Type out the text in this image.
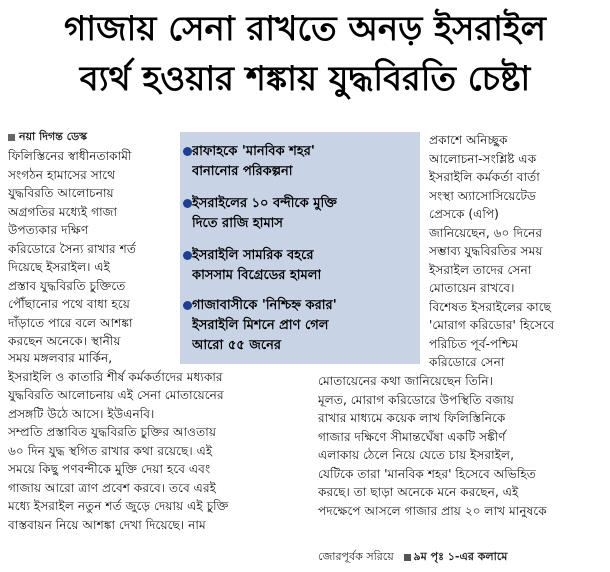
গাজায় সেনা রাখতে অনড় ইসরাইল
ব্যর্থ হওয়ার শঙ্কায় যুদ্ধবিরতি চেষ্টা
নয়া দিগন্ত ডেস্ক
ফিলিস্তিনের স্বাধীনতাকামী
সংগঠন হামাসের সাথে
যুদ্ধবিরতি আলোচনায়
অগ্রগতির মধ্যেই গাজা
উপত্যকার দক্ষিণ
করিডোরে সৈন্য রাখার শর্ত
দিয়েছে ইসরাইল। এই
প্রস্তাব যুদ্ধবিরতি চুক্তিতে
পৌঁছানোর পথে বাধা হয়ে
দাঁড়াতে পারে বলে আশঙ্কা
করছেন অনেকে। স্থানীয়
সময় মঙ্গলবার মার্কিন,
ইসরাইলি ও কাতারি শীর্ষ কর্মকর্তাদের মধ্যকার
যুদ্ধবিরতি আলোচনায় এই সেনা মোতায়েনের
প্রসঙ্গটি উঠে আসে। ইউএনবি।
সম্প্রতি প্রস্তাবিত যুদ্ধবিরতি চুক্তির আওতায়
৬০ দিন যুদ্ধ স্থগিত রাখার কথা রয়েছে। এই
সময়ে কিছু পণবন্দীকে মুক্তি দেয়া হবে এবং
গাজায় আরো ত্রাণ প্রবেশ করবে। তবে এরই
মধ্যে ইসরাইল নতুন শর্ত জুড়ে দেয়ায় এই চুক্তি
বাস্তবায়ন নিয়ে আশঙ্কা দেখা দিয়েছে। নাম
রাফাহকে 'মানবিক শহর'
বানানোর পরিকল্পনা
ইসরাইলের ১০ বন্দীকে মুক্তি
দিতে রাজি হামাস
ইসরাইলি সামরিক বহরে
কাসসাম বিগ্রেডের হামলা
গাজাবাসীকে 'নিশ্চিহ্ন করার'
ইসরাইলি মিশনে প্রাণ গেল
আরো ৫৫ জনের
প্রকাশে অনিচ্ছুক
আলোচনা-সংশ্লিষ্ট এক
ইসরাইলি কর্মকর্তা বার্তা
সংস্থা অ্যাসোসিয়েটেড
প্রেসকে (এপি)
জানিয়েছেন, ৬০ দিনের
সম্ভাব্য যুদ্ধবিরতির সময়
ইসরাইল তাদের সেনা
মোতায়েন রাখবে।
বিশেষত ইসরাইলের কাছে
'মোরাগ করিডোর' হিসেবে
পরিচিত পূর্ব-পশ্চিম
করিডোরে সেনা
মোতায়েনের কথা জানিয়েছেন তিনি।
মূলত, মোরাগ করিডোরে উপস্থিতি বজায়
রাখার মাধ্যমে কয়েক লাখ ফিলিস্তিনিকে
গাজার দক্ষিণে সীমান্তঘেঁষা একটি সঙ্কীর্ণ
এলাকায় ঠেলে নিয়ে যেতে চায় ইসরাইল,
যেটিকে তারা 'মানবিক শহর' হিসেবে অভিহিত
করছে। তা ছাড়া অনেকে মনে করছেন, এই
পদক্ষেপে আসলে গাজার প্রায় ২০ লাখ মানুষকে
জোরপূর্বক সরিয়ে ৯ম পৃঃ ১-এর কলামে
